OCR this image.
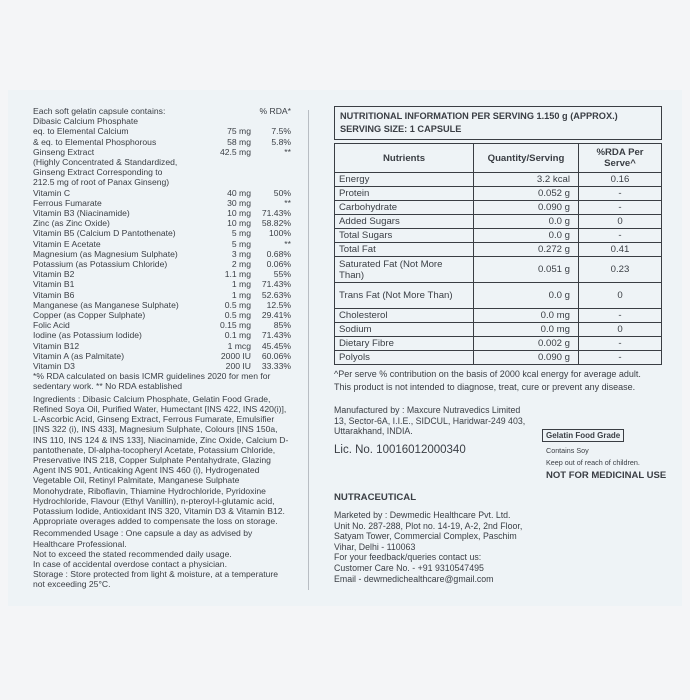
Each soft gelatin capsule contains:	% RDA*
Dibasic Calcium Phosphate
eq. to Elemental Calcium	75 mg	7.5%
& eq. to Elemental Phosphorous	58 mg	5.8%
Ginseng Extract	42.5 mg	**
(Highly Concentrated & Standardized,
Ginseng Extract Corresponding to
212.5 mg of root of Panax Ginseng)
Vitamin C	40 mg	50%
Ferrous Fumarate	30 mg	**
Vitamin B3 (Niacinamide)	10 mg	71.43%
Zinc (as Zinc Oxide)	10 mg	58.82%
Vitamin B5 (Calcium D Pantothenate)	5 mg	100%
Vitamin E Acetate	5 mg	**
Magnesium (as Magnesium Sulphate)	3 mg	0.68%
Potassium (as Potassium Chloride)	2 mg	0.06%
Vitamin B2	1.1 mg	55%
Vitamin B1	1 mg	71.43%
Vitamin B6	1 mg	52.63%
Manganese (as Manganese Sulphate)	0.5 mg	12.5%
Copper (as Copper Sulphate)	0.5 mg	29.41%
Folic Acid	0.15 mg	85%
Iodine (as Potassium Iodide)	0.1 mg	71.43%
Vitamin B12	1 mcg	45.45%
Vitamin A (as Palmitate)	2000 IU	60.06%
Vitamin D3	200 IU	33.33%
*% RDA calculated on basis ICMR guidelines 2020 for men for sedentary work. ** No RDA established
Ingredients : Dibasic Calcium Phosphate, Gelatin Food Grade, Refined Soya Oil, Purified Water, Humectant [INS 422, INS 420(i)], L-Ascorbic Acid, Ginseng Extract, Ferrous Fumarate, Emulsifier [INS 322 (i), INS 433], Magnesium Sulphate, Colours [INS 150a, INS 110, INS 124 & INS 133], Niacinamide, Zinc Oxide, Calcium D-pantothenate, Dl-alpha-tocopheryl Acetate, Potassium Chloride, Preservative INS 218, Copper Sulphate Pentahydrate, Glazing Agent INS 901, Anticaking Agent INS 460 (i), Hydrogenated Vegetable Oil, Retinyl Palmitate, Manganese Sulphate Monohydrate, Riboflavin, Thiamine Hydrochloride, Pyridoxine Hydrochloride, Flavour (Ethyl Vanillin), n-pteroyl-l-glutamic acid, Potassium Iodide, Antioxidant INS 320, Vitamin D3 & Vitamin B12.
Appropriate overages added to compensate the loss on storage.
Recommended Usage : One capsule a day as advised by Healthcare Professional.
Not to exceed the stated recommended daily usage.
In case of accidental overdose contact a physician.
Storage : Store protected from light & moisture, at a temperature not exceeding 25°C.
NUTRITIONAL INFORMATION PER SERVING 1.150 g (APPROX.)
SERVING SIZE: 1 CAPSULE
Nutrients	Quantity/Serving	%RDA Per Serve^
Energy	3.2 kcal	0.16
Protein	0.052 g	-
Carbohydrate	0.090 g	-
Added Sugars	0.0 g	0
Total Sugars	0.0 g	-
Total Fat	0.272 g	0.41
Saturated Fat (Not More Than)	0.051 g	0.23
Trans Fat (Not More Than)	0.0 g	0
Cholesterol	0.0 mg	-
Sodium	0.0 mg	0
Dietary Fibre	0.002 g	-
Polyols	0.090 g	-
^Per serve % contribution on the basis of 2000 kcal energy for average adult.
This product is not intended to diagnose, treat, cure or prevent any disease.
Manufactured by : Maxcure Nutravedics Limited
13, Sector-6A, I.I.E., SIDCUL, Haridwar-249 403,
Uttarakhand, INDIA.
Lic. No. 10016012000340
Gelatin Food Grade
Contains Soy
Keep out of reach of children.
NOT FOR MEDICINAL USE
NUTRACEUTICAL
Marketed by : Dewmedic Healthcare Pvt. Ltd.
Unit No. 287-288, Plot no. 14-19, A-2, 2nd Floor,
Satyam Tower, Commercial Complex, Paschim
Vihar, Delhi - 110063
For your feedback/queries contact us:
Customer Care No. - +91 9310547495
Email - dewmedichealthcare@gmail.com
